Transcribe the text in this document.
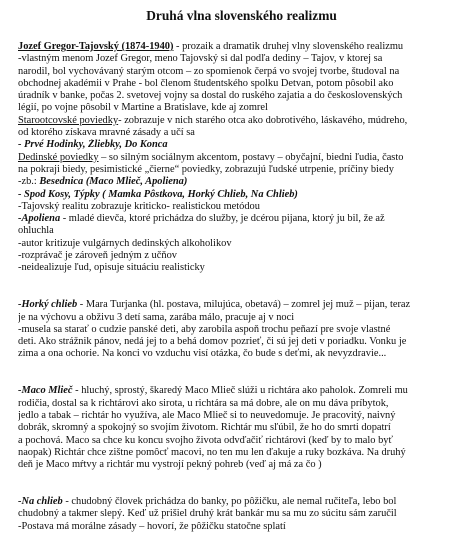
Druhá vlna slovenského realizmu
Jozef Gregor-Tajovský (1874-1940) - prozaik a dramatik druhej vlny slovenského realizmu
-vlastným menom Jozef Gregor, meno Tajovský si dal podľa dediny – Tajov, v ktorej sa
narodil, bol vychovávaný starým otcom – zo spomienok čerpá vo svojej tvorbe, študoval na
obchodnej akadémii v Prahe - bol členom študentského spolku Detvan, potom pôsobil ako
úradník v banke, počas 2. svetovej vojny sa dostal do ruského zajatia a do československých
légií, po vojne pôsobil v Martine a Bratislave, kde aj zomrel
Starootcovské poviedky- zobrazuje v nich starého otca ako dobrotivého, láskavého, múdreho,
od ktorého získava mravné zásady a učí sa
- Prvé Hodinky, Žliebky, Do Konca
Dedinské poviedky – so silným sociálnym akcentom, postavy – obyčajní, biedni ľudia, často
na pokraji biedy, pesimistické „čierne“ poviedky, zobrazujú ľudské utrpenie, príčiny biedy
-zb.: Besednica (Maco Mlieč, Apoliena)
- Spod Kosy, Týpky ( Mamka Pôstkova, Horký Chlieb, Na Chlieb)
-Tajovský realitu zobrazuje kriticko- realistickou metódou
-Apoliena - mladé dievča, ktoré prichádza do služby, je dcérou pijana, ktorý ju bil, že až
ohluchla
-autor kritizuje vulgárnych dedinských alkoholikov
-rozprávač je zároveň jedným z učňov
-neidealizuje ľud, opisuje situáciu realisticky
-Horký chlieb - Mara Turjanka (hl. postava, milujúca, obetavá) – zomrel jej muž – pijan, teraz
je na výchovu a obživu 3 detí sama, zarába málo, pracuje aj v noci
-musela sa starať o cudzie panské deti, aby zarobila aspoň trochu peňazí pre svoje vlastné
deti. Ako strážnik pánov, nedá jej to a behá domov pozrieť, či sú jej deti v poriadku. Vonku je
zima a ona ochorie. Na konci vo vzduchu visí otázka, čo bude s deťmi, ak nevyzdravie...
-Maco Mlieč - hluchý, sprostý, škaredý Maco Mlieč slúži u richtára ako paholok. Zomreli mu
rodičia, dostal sa k richtárovi ako sirota, u richtára sa má dobre, ale on mu dáva príbytok,
jedlo a tabak – richtár ho využíva, ale Maco Mlieč si to neuvedomuje. Je pracovitý, naivný
dobrák, skromný a spokojný so svojím životom. Richtár mu sľúbil, že ho do smrti dopatrí
a pochová. Maco sa chce ku koncu svojho života odvďačiť richtárovi (keď by to malo byť
naopak) Richtár chce zištne pomôcť macovi, no ten mu len ďakuje a ruky bozkáva. Na druhý
deň je Maco mŕtvy a richtár mu vystrojí pekný pohreb (veď aj má za čo )
-Na chlieb - chudobný človek prichádza do banky, po pôžičku, ale nemal ručiteľa, lebo bol
chudobný a takmer slepý. Keď už prišiel druhý krát bankár mu sa mu zo súcitu sám zaručil
-Postava má morálne zásady – hovorí, že pôžičku statočne splatí
